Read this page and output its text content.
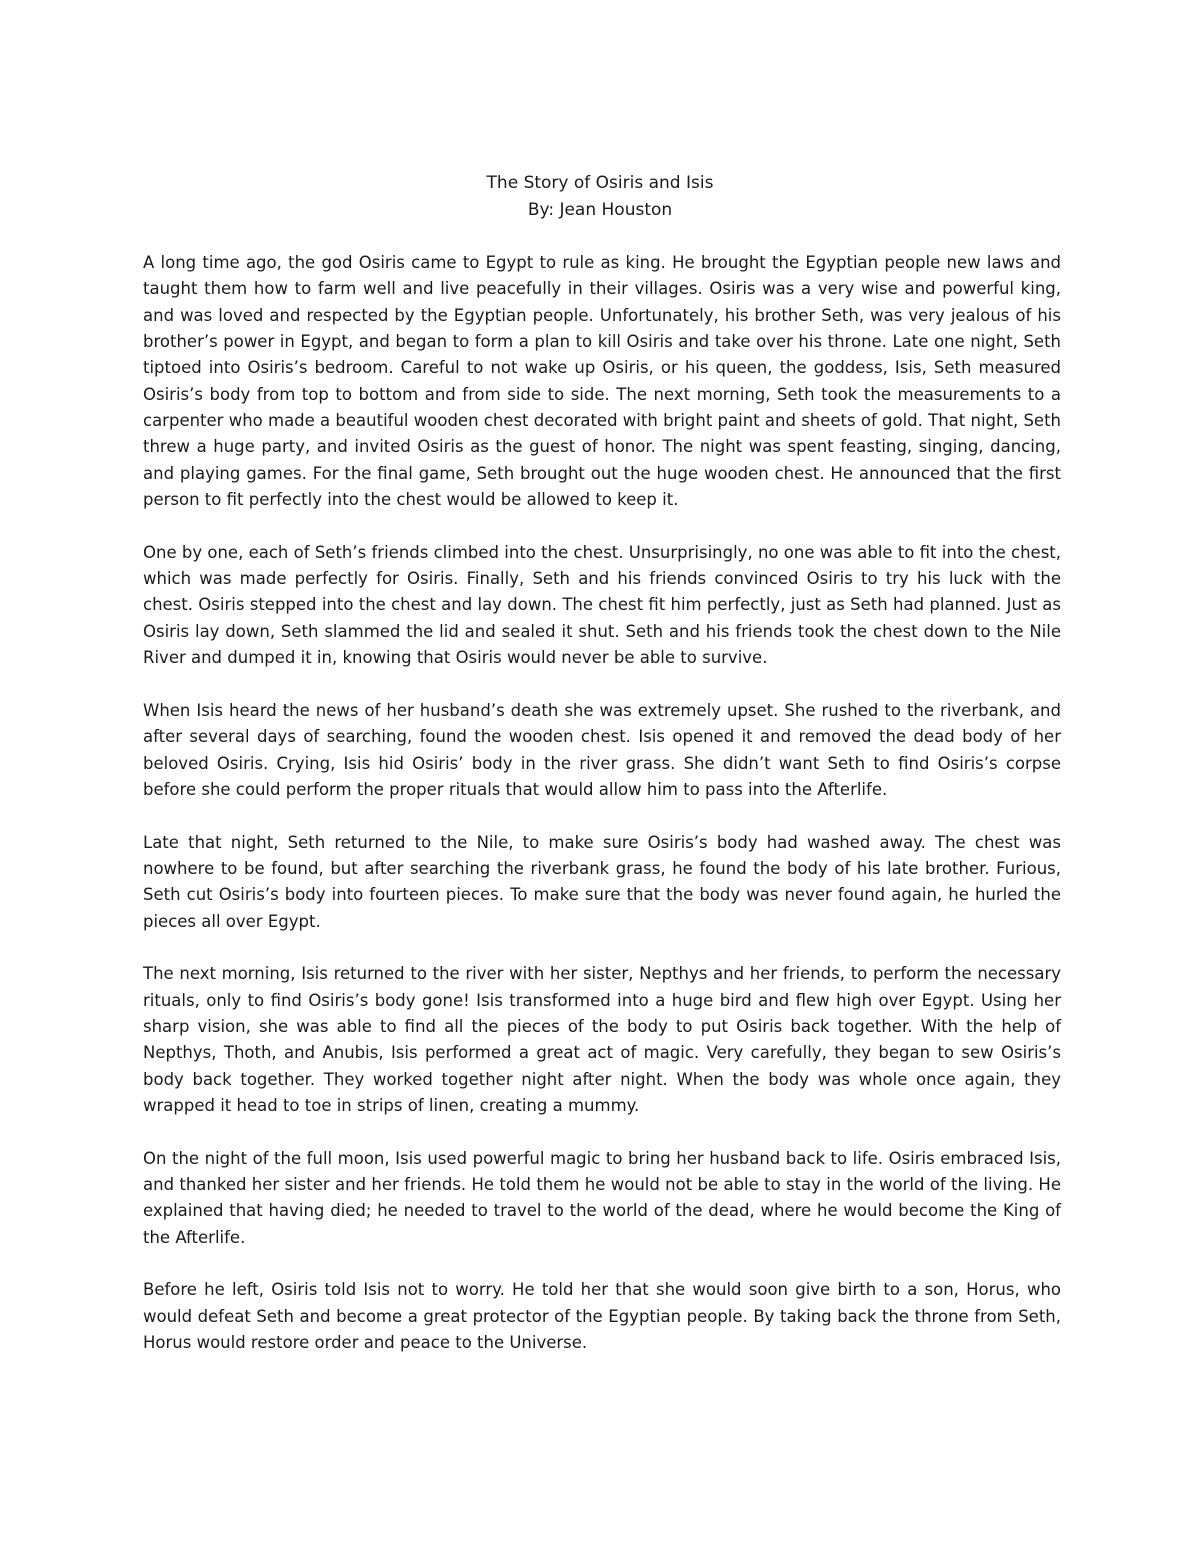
The Story of Osiris and Isis
By: Jean Houston

A long time ago, the god Osiris came to Egypt to rule as king. He brought the Egyptian people new laws and taught them how to farm well and live peacefully in their villages. Osiris was a very wise and powerful king, and was loved and respected by the Egyptian people. Unfortunately, his brother Seth, was very jealous of his brother’s power in Egypt, and began to form a plan to kill Osiris and take over his throne. Late one night, Seth tiptoed into Osiris’s bedroom. Careful to not wake up Osiris, or his queen, the goddess, Isis, Seth measured Osiris’s body from top to bottom and from side to side. The next morning, Seth took the measurements to a carpenter who made a beautiful wooden chest decorated with bright paint and sheets of gold. That night, Seth threw a huge party, and invited Osiris as the guest of honor. The night was spent feasting, singing, dancing, and playing games. For the final game, Seth brought out the huge wooden chest. He announced that the first person to fit perfectly into the chest would be allowed to keep it.

One by one, each of Seth’s friends climbed into the chest. Unsurprisingly, no one was able to fit into the chest, which was made perfectly for Osiris. Finally, Seth and his friends convinced Osiris to try his luck with the chest. Osiris stepped into the chest and lay down. The chest fit him perfectly, just as Seth had planned. Just as Osiris lay down, Seth slammed the lid and sealed it shut. Seth and his friends took the chest down to the Nile River and dumped it in, knowing that Osiris would never be able to survive.

When Isis heard the news of her husband’s death she was extremely upset. She rushed to the riverbank, and after several days of searching, found the wooden chest. Isis opened it and removed the dead body of her beloved Osiris. Crying, Isis hid Osiris’ body in the river grass. She didn’t want Seth to find Osiris’s corpse before she could perform the proper rituals that would allow him to pass into the Afterlife.

Late that night, Seth returned to the Nile, to make sure Osiris’s body had washed away. The chest was nowhere to be found, but after searching the riverbank grass, he found the body of his late brother. Furious, Seth cut Osiris’s body into fourteen pieces. To make sure that the body was never found again, he hurled the pieces all over Egypt.

The next morning, Isis returned to the river with her sister, Nepthys and her friends, to perform the necessary rituals, only to find Osiris’s body gone! Isis transformed into a huge bird and flew high over Egypt. Using her sharp vision, she was able to find all the pieces of the body to put Osiris back together. With the help of Nepthys, Thoth, and Anubis, Isis performed a great act of magic. Very carefully, they began to sew Osiris’s body back together. They worked together night after night. When the body was whole once again, they wrapped it head to toe in strips of linen, creating a mummy.

On the night of the full moon, Isis used powerful magic to bring her husband back to life. Osiris embraced Isis, and thanked her sister and her friends. He told them he would not be able to stay in the world of the living. He explained that having died; he needed to travel to the world of the dead, where he would become the King of the Afterlife.

Before he left, Osiris told Isis not to worry. He told her that she would soon give birth to a son, Horus, who would defeat Seth and become a great protector of the Egyptian people. By taking back the throne from Seth, Horus would restore order and peace to the Universe.
